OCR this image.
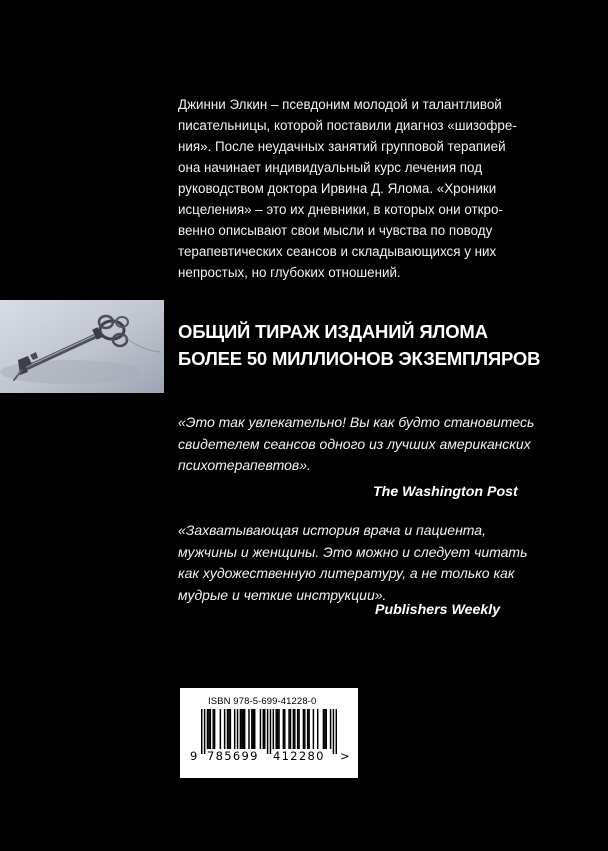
Джинни Элкин – псевдоним молодой и талантливой
писательницы, которой поставили диагноз «шизофре-
ния». После неудачных занятий групповой терапией
она начинает индивидуальный курс лечения под
руководством доктора Ирвина Д. Ялома. «Хроники
исцеления» – это их дневники, в которых они откро-
венно описывают свои мысли и чувства по поводу
терапевтических сеансов и складывающихся у них
непростых, но глубоких отношений.
ОБЩИЙ ТИРАЖ ИЗДАНИЙ ЯЛОМА
БОЛЕЕ 50 МИЛЛИОНОВ ЭКЗЕМПЛЯРОВ
«Это так увлекательно! Вы как будто становитесь
свидетелем сеансов одного из лучших американских
психотерапевтов».
The Washington Post
«Захватывающая история врача и пациента,
мужчины и женщины. Это можно и следует читать
как художественную литературу, а не только как
мудрые и четкие инструкции».
Publishers Weekly
ISBN 978-5-699-41228-0
9 785699 412280 >
